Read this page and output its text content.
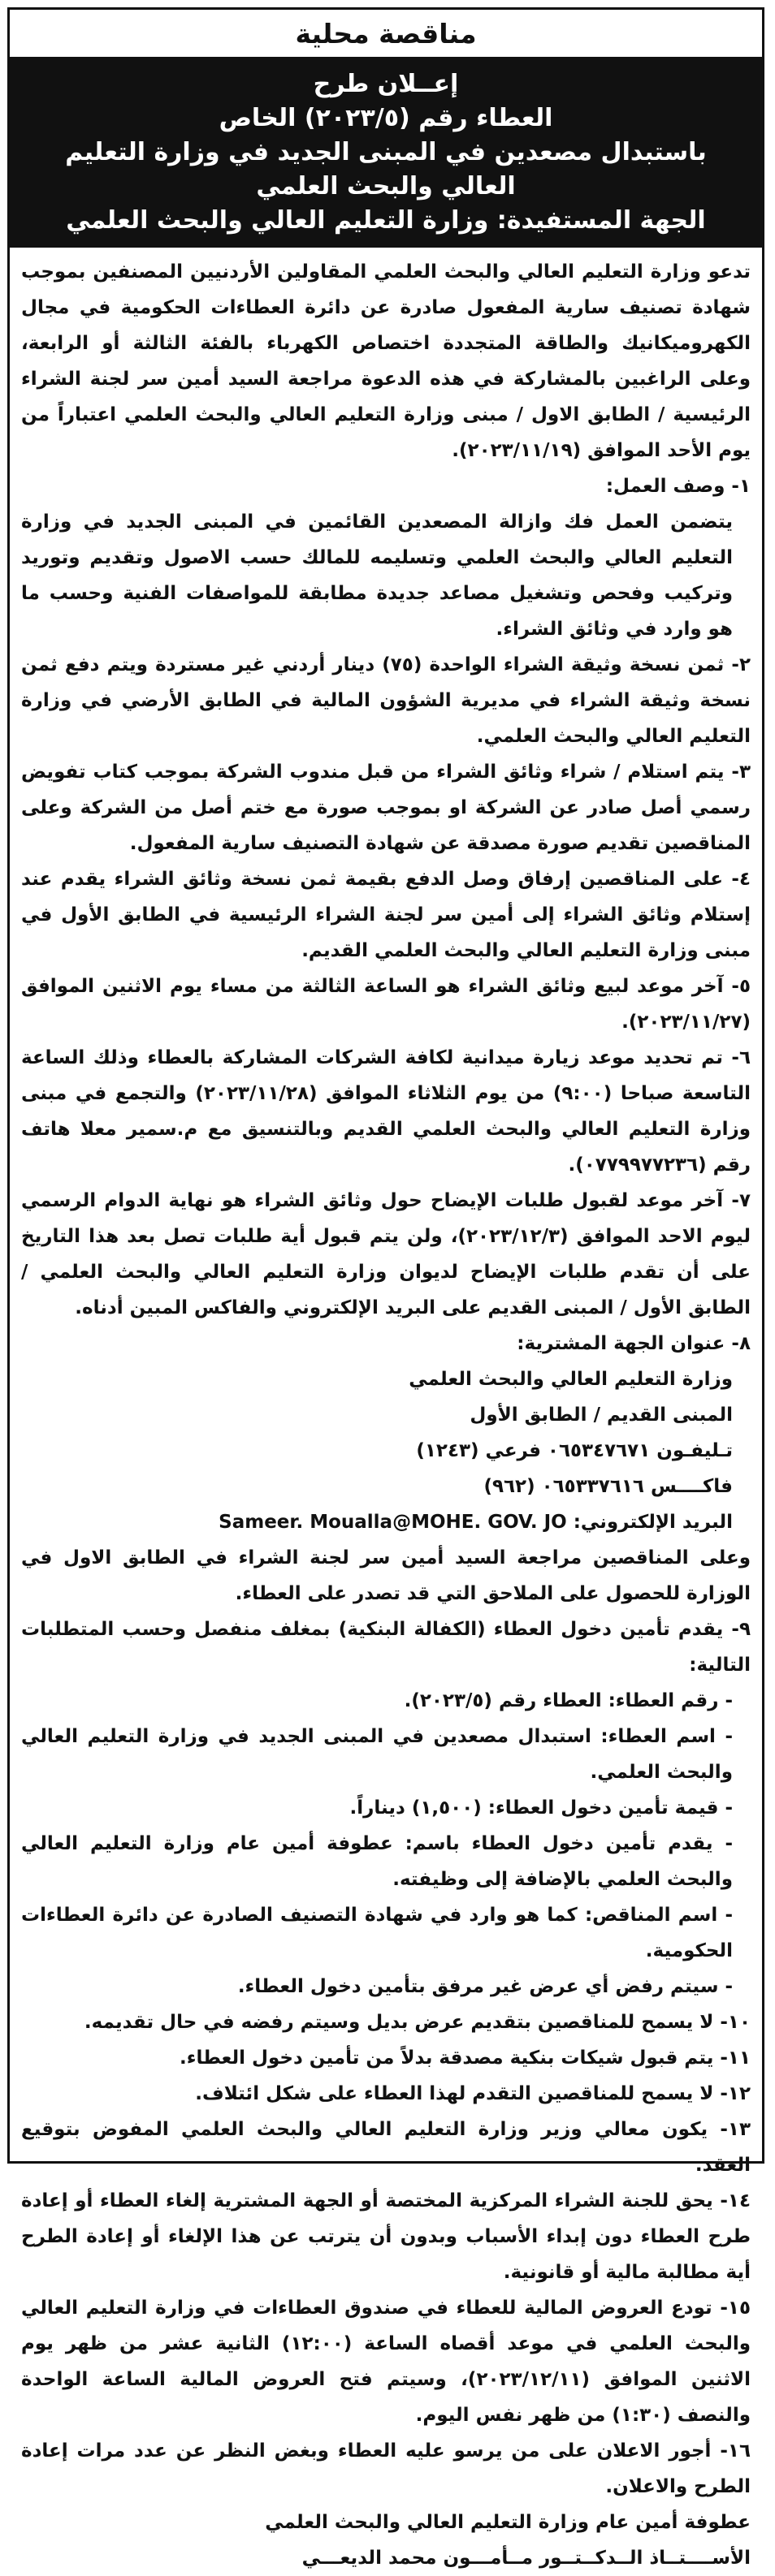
مناقصة محلية
إعــلان طرح
العطاء رقم (٢٠٢٣/٥) الخاص
باستبدال مصعدين في المبنى الجديد في وزارة التعليم العالي والبحث العلمي
الجهة المستفيدة: وزارة التعليم العالي والبحث العلمي

تدعو وزارة التعليم العالي والبحث العلمي المقاولين الأردنيين المصنفين بموجب شهادة تصنيف سارية المفعول صادرة عن دائرة العطاءات الحكومية في مجال الكهروميكانيك والطاقة المتجددة اختصاص الكهرباء بالفئة الثالثة أو الرابعة، وعلى الراغبين بالمشاركة في هذه الدعوة مراجعة السيد أمين سر لجنة الشراء الرئيسية / الطابق الاول / مبنى وزارة التعليم العالي والبحث العلمي اعتباراً من يوم الأحد الموافق (٢٠٢٣/١١/١٩).

١- وصف العمل:

يتضمن العمل فك وازالة المصعدين القائمين في المبنى الجديد في وزارة التعليم العالي والبحث العلمي وتسليمه للمالك حسب الاصول وتقديم وتوريد وتركيب وفحص وتشغيل مصاعد جديدة مطابقة للمواصفات الفنية وحسب ما هو وارد في وثائق الشراء.

٢- ثمن نسخة وثيقة الشراء الواحدة (٧٥) دينار أردني غير مستردة ويتم دفع ثمن نسخة وثيقة الشراء في مديرية الشؤون المالية في الطابق الأرضي في وزارة التعليم العالي والبحث العلمي.

٣- يتم استلام / شراء وثائق الشراء من قبل مندوب الشركة بموجب كتاب تفويض رسمي أصل صادر عن الشركة او بموجب صورة مع ختم أصل من الشركة وعلى المناقصين تقديم صورة مصدقة عن شهادة التصنيف سارية المفعول.

٤- على المناقصين إرفاق وصل الدفع بقيمة ثمن نسخة وثائق الشراء يقدم عند إستلام وثائق الشراء إلى أمين سر لجنة الشراء الرئيسية في الطابق الأول في مبنى وزارة التعليم العالي والبحث العلمي القديم.

٥- آخر موعد لبيع وثائق الشراء هو الساعة الثالثة من مساء يوم الاثنين الموافق (٢٠٢٣/١١/٢٧).

٦- تم تحديد موعد زيارة ميدانية لكافة الشركات المشاركة بالعطاء وذلك الساعة التاسعة صباحا (٩:٠٠) من يوم الثلاثاء الموافق (٢٠٢٣/١١/٢٨) والتجمع في مبنى وزارة التعليم العالي والبحث العلمي القديم وبالتنسيق مع م.سمير معلا هاتف رقم (٠٧٧٩٩٧٧٢٣٦).

٧- آخر موعد لقبول طلبات الإيضاح حول وثائق الشراء هو نهاية الدوام الرسمي ليوم الاحد الموافق (٢٠٢٣/١٢/٣)، ولن يتم قبول أية طلبات تصل بعد هذا التاريخ على أن تقدم طلبات الإيضاح لديوان وزارة التعليم العالي والبحث العلمي / الطابق الأول / المبنى القديم على البريد الإلكتروني والفاكس المبين أدناه.

٨- عنوان الجهة المشترية:

وزارة التعليم العالي والبحث العلمي

المبنى القديم / الطابق الأول

تـليفـون ٠٦٥٣٤٧٦٧١ فرعي (١٢٤٣)

فاكــــس ٠٦٥٣٣٧٦١٦ (٩٦٢)

البريد الإلكتروني: Sameer. Moualla@MOHE. GOV. JO

وعلى المناقصين مراجعة السيد أمين سر لجنة الشراء في الطابق الاول في الوزارة للحصول على الملاحق التي قد تصدر على العطاء.

٩- يقدم تأمين دخول العطاء (الكفالة البنكية) بمغلف منفصل وحسب المتطلبات التالية:

- رقم العطاء: العطاء رقم (٢٠٢٣/٥).

- اسم العطاء: استبدال مصعدين في المبنى الجديد في وزارة التعليم العالي والبحث العلمي.

- قيمة تأمين دخول العطاء: (١,٥٠٠) ديناراً.

- يقدم تأمين دخول العطاء باسم: عطوفة أمين عام وزارة التعليم العالي والبحث العلمي بالإضافة إلى وظيفته.

- اسم المناقص: كما هو وارد في شهادة التصنيف الصادرة عن دائرة العطاءات الحكومية.

- سيتم رفض أي عرض غير مرفق بتأمين دخول العطاء.

١٠- لا يسمح للمناقصين بتقديم عرض بديل وسيتم رفضه في حال تقديمه.

١١- يتم قبول شيكات بنكية مصدقة بدلاً من تأمين دخول العطاء.

١٢- لا يسمح للمناقصين التقدم لهذا العطاء على شكل ائتلاف.

١٣- يكون معالي وزير وزارة التعليم العالي والبحث العلمي المفوض بتوقيع العقد.

١٤- يحق للجنة الشراء المركزية المختصة أو الجهة المشترية إلغاء العطاء أو إعادة طرح العطاء دون إبداء الأسباب وبدون أن يترتب عن هذا الإلغاء أو إعادة الطرح أية مطالبة مالية أو قانونية.

١٥- تودع العروض المالية للعطاء في صندوق العطاءات في وزارة التعليم العالي والبحث العلمي في موعد أقصاه الساعة (١٢:٠٠) الثانية عشر من ظهر يوم الاثنين الموافق (٢٠٢٣/١٢/١١)، وسيتم فتح العروض المالية الساعة الواحدة والنصف (١:٣٠) من ظهر نفس اليوم.

١٦- أجور الاعلان على من يرسو عليه العطاء وبغض النظر عن عدد مرات إعادة الطرح والاعلان.

عطوفة أمين عام وزارة التعليم العالي والبحث العلمي

الأســــتــاذ الــدكــتــور مــأمـــون محمد الديعـــي
